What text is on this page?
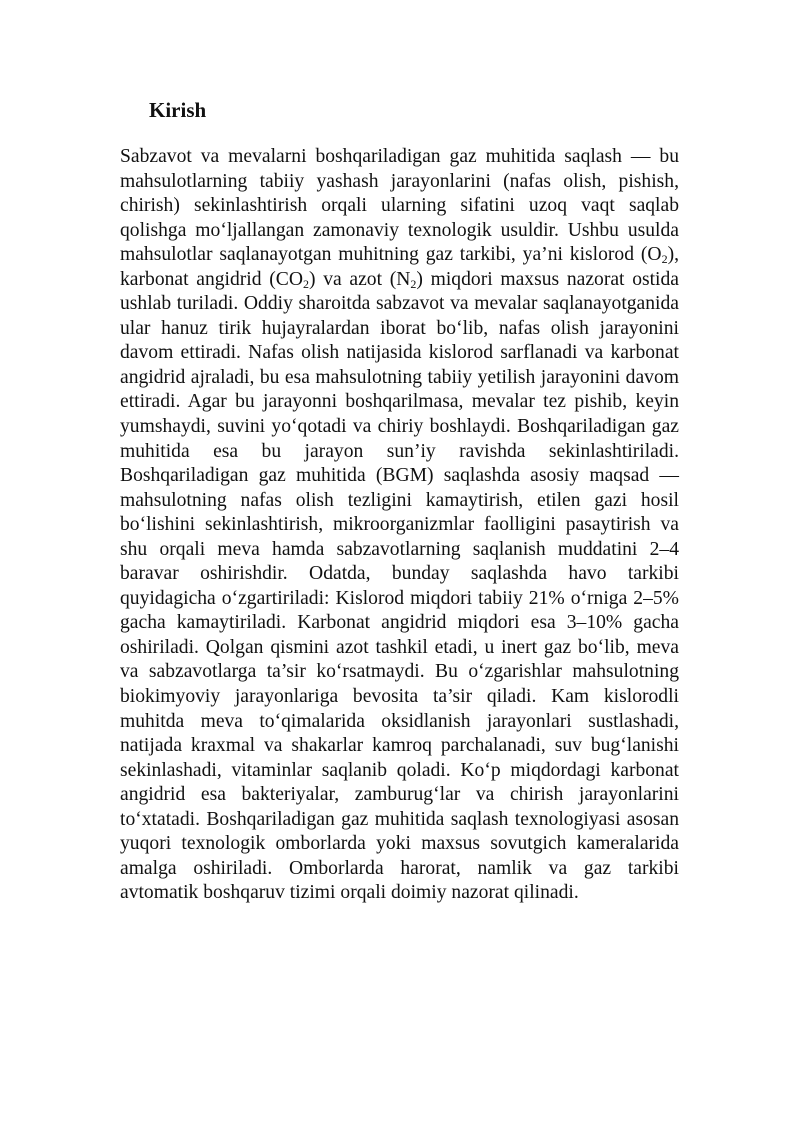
Kirish

Sabzavot va mevalarni boshqariladigan gaz muhitida saqlash — bu mahsulotlarning tabiiy yashash jarayonlarini (nafas olish, pishish, chirish) sekinlashtirish orqali ularning sifatini uzoq vaqt saqlab qolishga mo‘ljallangan zamonaviy texnologik usuldir. Ushbu usulda mahsulotlar saqlanayotgan muhitning gaz tarkibi, ya’ni kislorod $(O_2)$, karbonat angidrid $(CO_2)$ va azot $(N_2)$ miqdori maxsus nazorat ostida ushlab turiladi. Oddiy sharoitda sabzavot va mevalar saqlanayotganida ular hanuz tirik hujayralardan iborat bo‘lib, nafas olish jarayonini davom ettiradi. Nafas olish natijasida kislorod sarflanadi va karbonat angidrid ajraladi, bu esa mahsulotning tabiiy yetilish jarayonini davom ettiradi. Agar bu jarayonni boshqarilmasa, mevalar tez pishib, keyin yumshaydi, suvini yo‘qotadi va chiriy boshlaydi. Boshqariladigan gaz muhitida esa bu jarayon sun’iy ravishda sekinlashtiriladi. Boshqariladigan gaz muhitida (BGM) saqlashda asosiy maqsad — mahsulotning nafas olish tezligini kamaytirish, etilen gazi hosil bo‘lishini sekinlashtirish, mikroorganizmlar faolligini pasaytirish va shu orqali meva hamda sabzavotlarning saqlanish muddatini 2–4 baravar oshirishdir. Odatda, bunday saqlashda havo tarkibi quyidagicha o‘zgartiriladi: Kislorod miqdori tabiiy 21% o‘rniga 2–5% gacha kamaytiriladi. Karbonat angidrid miqdori esa 3–10% gacha oshiriladi. Qolgan qismini azot tashkil etadi, u inert gaz bo‘lib, meva va sabzavotlarga ta’sir ko‘rsatmaydi. Bu o‘zgarishlar mahsulotning biokimyoviy jarayonlariga bevosita ta’sir qiladi. Kam kislorodli muhitda meva to‘qimalarida oksidlanish jarayonlari sustlashadi, natijada kraxmal va shakarlar kamroq parchalanadi, suv bug‘lanishi sekinlashadi, vitaminlar saqlanib qoladi. Ko‘p miqdordagi karbonat angidrid esa bakteriyalar, zamburug‘lar va chirish jarayonlarini to‘xtatadi. Boshqariladigan gaz muhitida saqlash texnologiyasi asosan yuqori texnologik omborlarda yoki maxsus sovutgich kameralarida amalga oshiriladi. Omborlarda harorat, namlik va gaz tarkibi avtomatik boshqaruv tizimi orqali doimiy nazorat qilinadi.
